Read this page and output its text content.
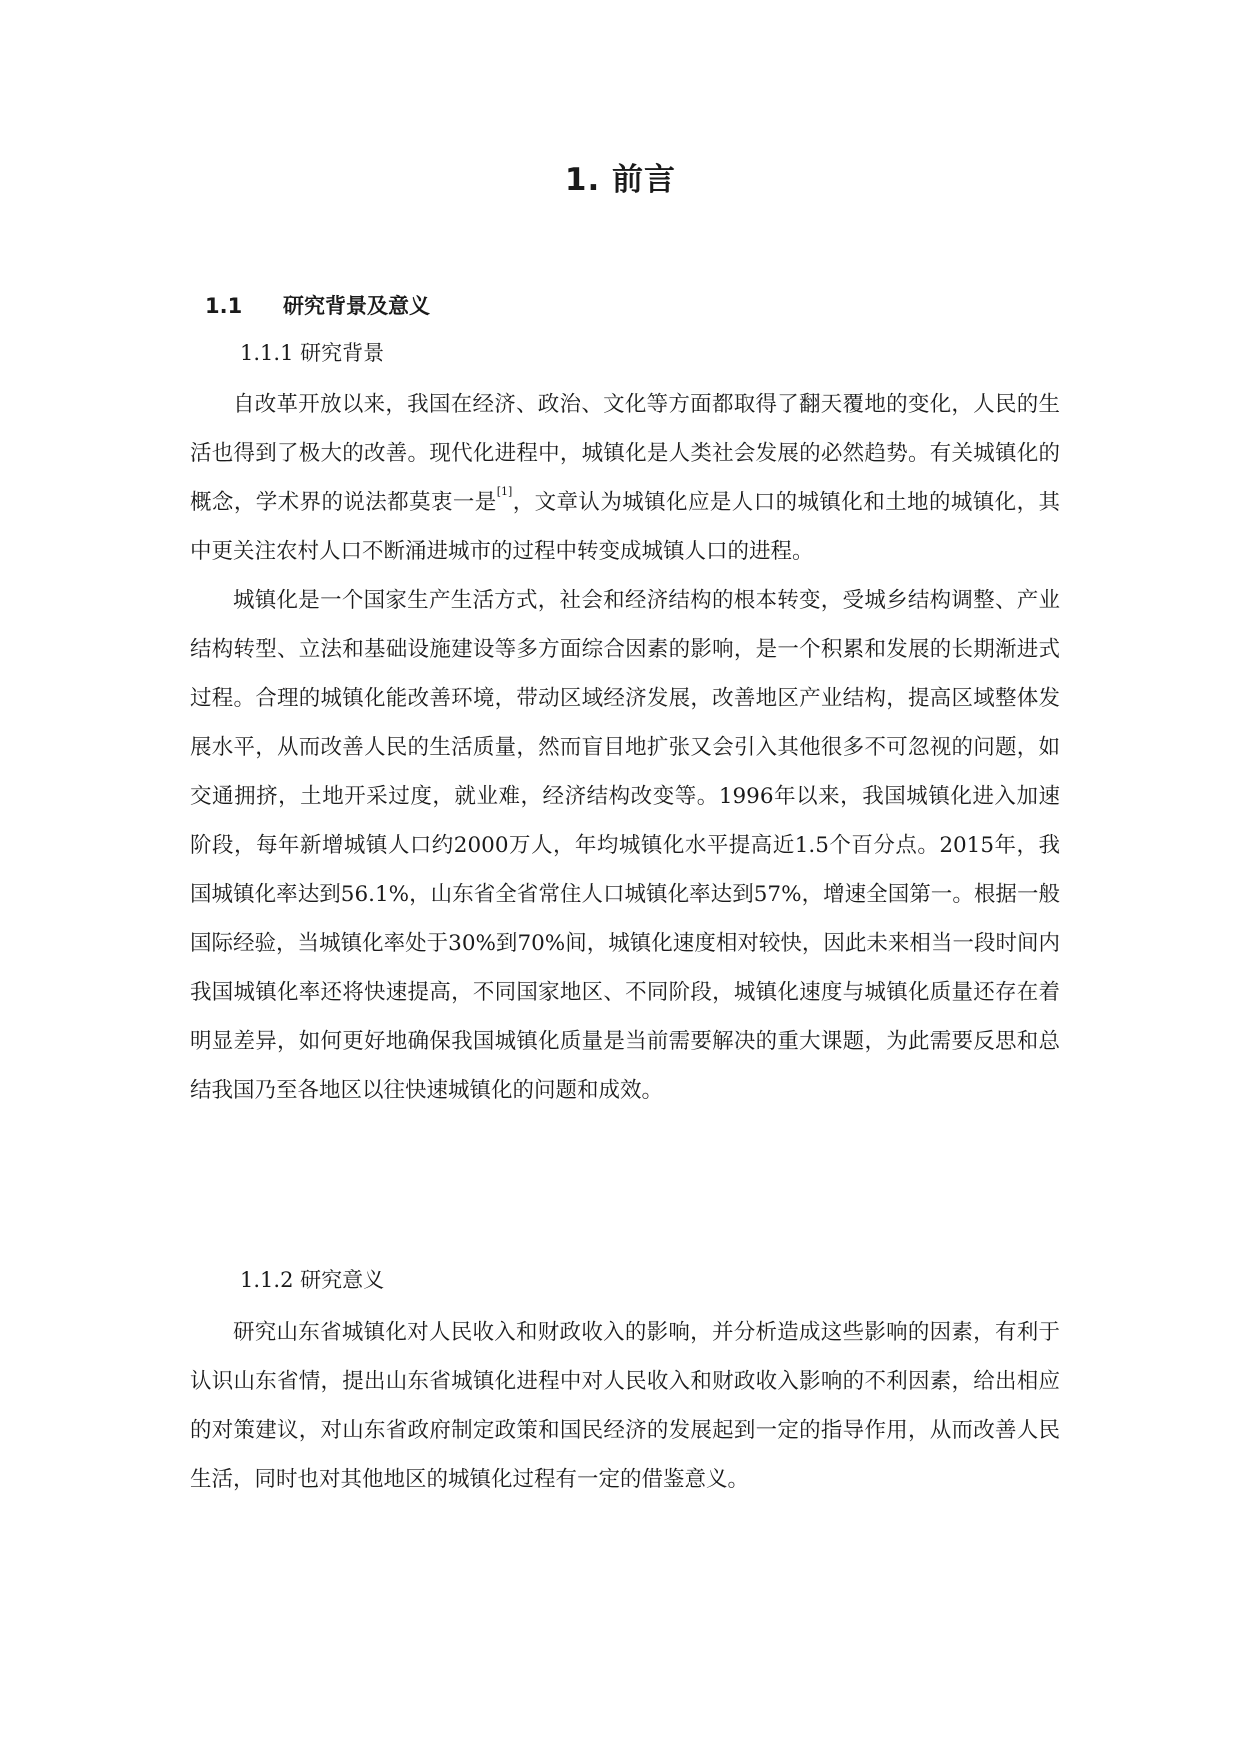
1. 前言
1.1 研究背景及意义
1.1.1 研究背景

自改革开放以来，我国在经济、政治、文化等方面都取得了翻天覆地的变化，人民的生活也得到了极大的改善。现代化进程中，城镇化是人类社会发展的必然趋势。有关城镇化的概念，学术界的说法都莫衷一是[1]，文章认为城镇化应是人口的城镇化和土地的城镇化，其中更关注农村人口不断涌进城市的过程中转变成城镇人口的进程。

城镇化是一个国家生产生活方式，社会和经济结构的根本转变，受城乡结构调整、产业结构转型、立法和基础设施建设等多方面综合因素的影响，是一个积累和发展的长期渐进式过程。合理的城镇化能改善环境，带动区域经济发展，改善地区产业结构，提高区域整体发展水平，从而改善人民的生活质量，然而盲目地扩张又会引入其他很多不可忽视的问题，如交通拥挤，土地开采过度，就业难，经济结构改变等。1996年以来，我国城镇化进入加速阶段，每年新增城镇人口约2000万人，年均城镇化水平提高近1.5个百分点。2015年，我国城镇化率达到56.1%，山东省全省常住人口城镇化率达到57%，增速全国第一。根据一般国际经验，当城镇化率处于30%到70%间，城镇化速度相对较快，因此未来相当一段时间内我国城镇化率还将快速提高，不同国家地区、不同阶段，城镇化速度与城镇化质量还存在着明显差异，如何更好地确保我国城镇化质量是当前需要解决的重大课题，为此需要反思和总结我国乃至各地区以往快速城镇化的问题和成效。

1.1.2 研究意义

研究山东省城镇化对人民收入和财政收入的影响，并分析造成这些影响的因素，有利于认识山东省情，提出山东省城镇化进程中对人民收入和财政收入影响的不利因素，给出相应的对策建议，对山东省政府制定政策和国民经济的发展起到一定的指导作用，从而改善人民生活，同时也对其他地区的城镇化过程有一定的借鉴意义。
